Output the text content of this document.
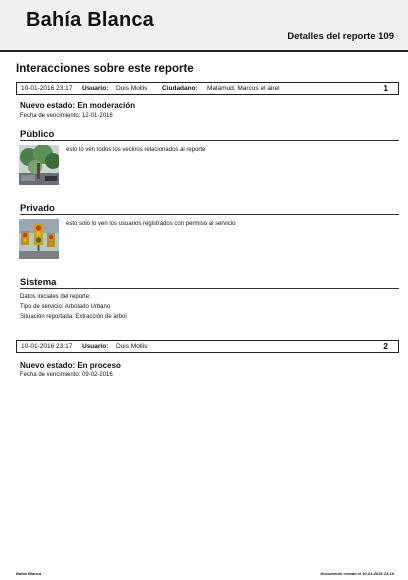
Bahía Blanca
Detalles del reporte 109
Interacciones sobre este reporte
10-01-2016 23:17 Usuario: Duis Mollis Ciudadano: Malamud, Marcos el airel	1
Nuevo estado: En moderación
Fecha de vencimiento: 12-01-2016
Público
esto lo ven todos los vecinos relacionados al reporte
Privado
esto solo lo ven los usuarios registrados con permiso al servicio
Sistema
Datos iniciales del reporte:
Tipo de servicio: Arbolado Urbano
Situación reportada: Extracción de árbol
10-01-2016 23:17 Usuario: Duis Mollis	2
Nuevo estado: En proceso
Fecha de vencimiento: 09-02-2016
Bahía Blanca	Documento creado el 10-01-2016 23:18
